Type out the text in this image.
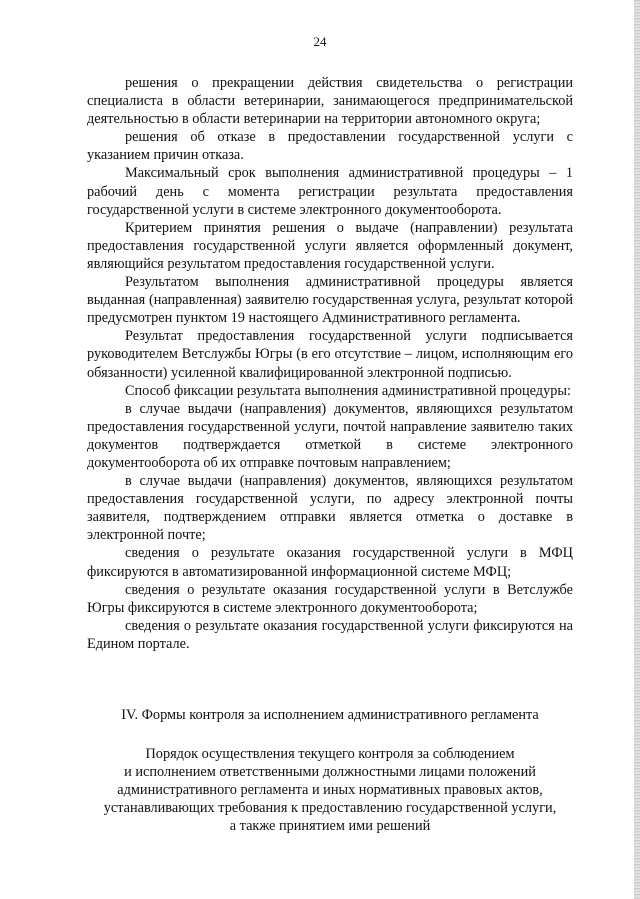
24

решения о прекращении действия свидетельства о регистрации специалиста в области ветеринарии, занимающегося предпринимательской деятельностью в области ветеринарии на территории автономного округа;

решения об отказе в предоставлении государственной услуги с указанием причин отказа.

Максимальный срок выполнения административной процедуры – 1 рабочий день с момента регистрации результата предоставления государственной услуги в системе электронного документооборота.

Критерием принятия решения о выдаче (направлении) результата предоставления государственной услуги является оформленный документ, являющийся результатом предоставления государственной услуги.

Результатом выполнения административной процедуры является выданная (направленная) заявителю государственная услуга, результат которой предусмотрен пунктом 19 настоящего Административного регламента.

Результат предоставления государственной услуги подписывается руководителем Ветслужбы Югры (в его отсутствие – лицом, исполняющим его обязанности) усиленной квалифицированной электронной подписью.

Способ фиксации результата выполнения административной процедуры:

в случае выдачи (направления) документов, являющихся результатом предоставления государственной услуги, почтой направление заявителю таких документов подтверждается отметкой в системе электронного документооборота об их отправке почтовым направлением;

в случае выдачи (направления) документов, являющихся результатом предоставления государственной услуги, по адресу электронной почты заявителя, подтверждением отправки является отметка о доставке в электронной почте;

сведения о результате оказания государственной услуги в МФЦ фиксируются в автоматизированной информационной системе МФЦ;

сведения о результате оказания государственной услуги в Ветслужбе Югры фиксируются в системе электронного документооборота;

сведения о результате оказания государственной услуги фиксируются на Едином портале.

IV. Формы контроля за исполнением административного регламента
Порядок осуществления текущего контроля за соблюдением
и исполнением ответственными должностными лицами положений
административного регламента и иных нормативных правовых актов,
устанавливающих требования к предоставлению государственной услуги,
а также принятием ими решений
